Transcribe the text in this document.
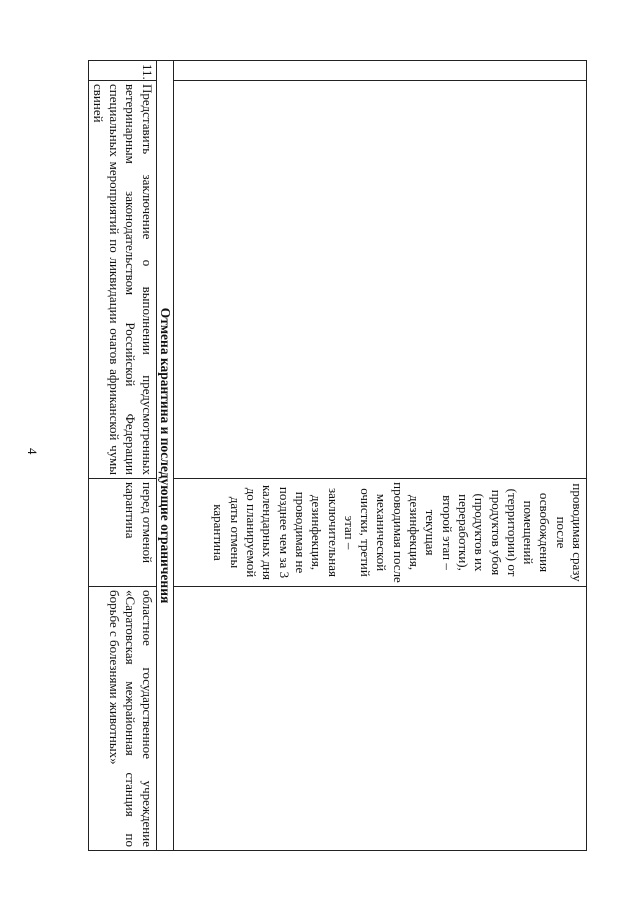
4
		проводимая сразу после освобождения помещений (территории) от продуктов убоя (продуктов их переработки), второй этап – текущая дезинфекция, проводимая после механической очистки, третий этап – заключительная дезинфекция, проводимая не позднее чем за 3 календарных дня до планируемой даты отмены карантина	
Отмена карантина и последующие ограничения			
11.	Представить заключение о выполнении предусмотренных ветеринарным законодательством Российской Федерации специальных мероприятий по ликвидации очагов африканской чумы свиней	перед отменой карантина	областное государственное учреждение «Саратовская межрайонная станция по борьбе с болезнями животных»
